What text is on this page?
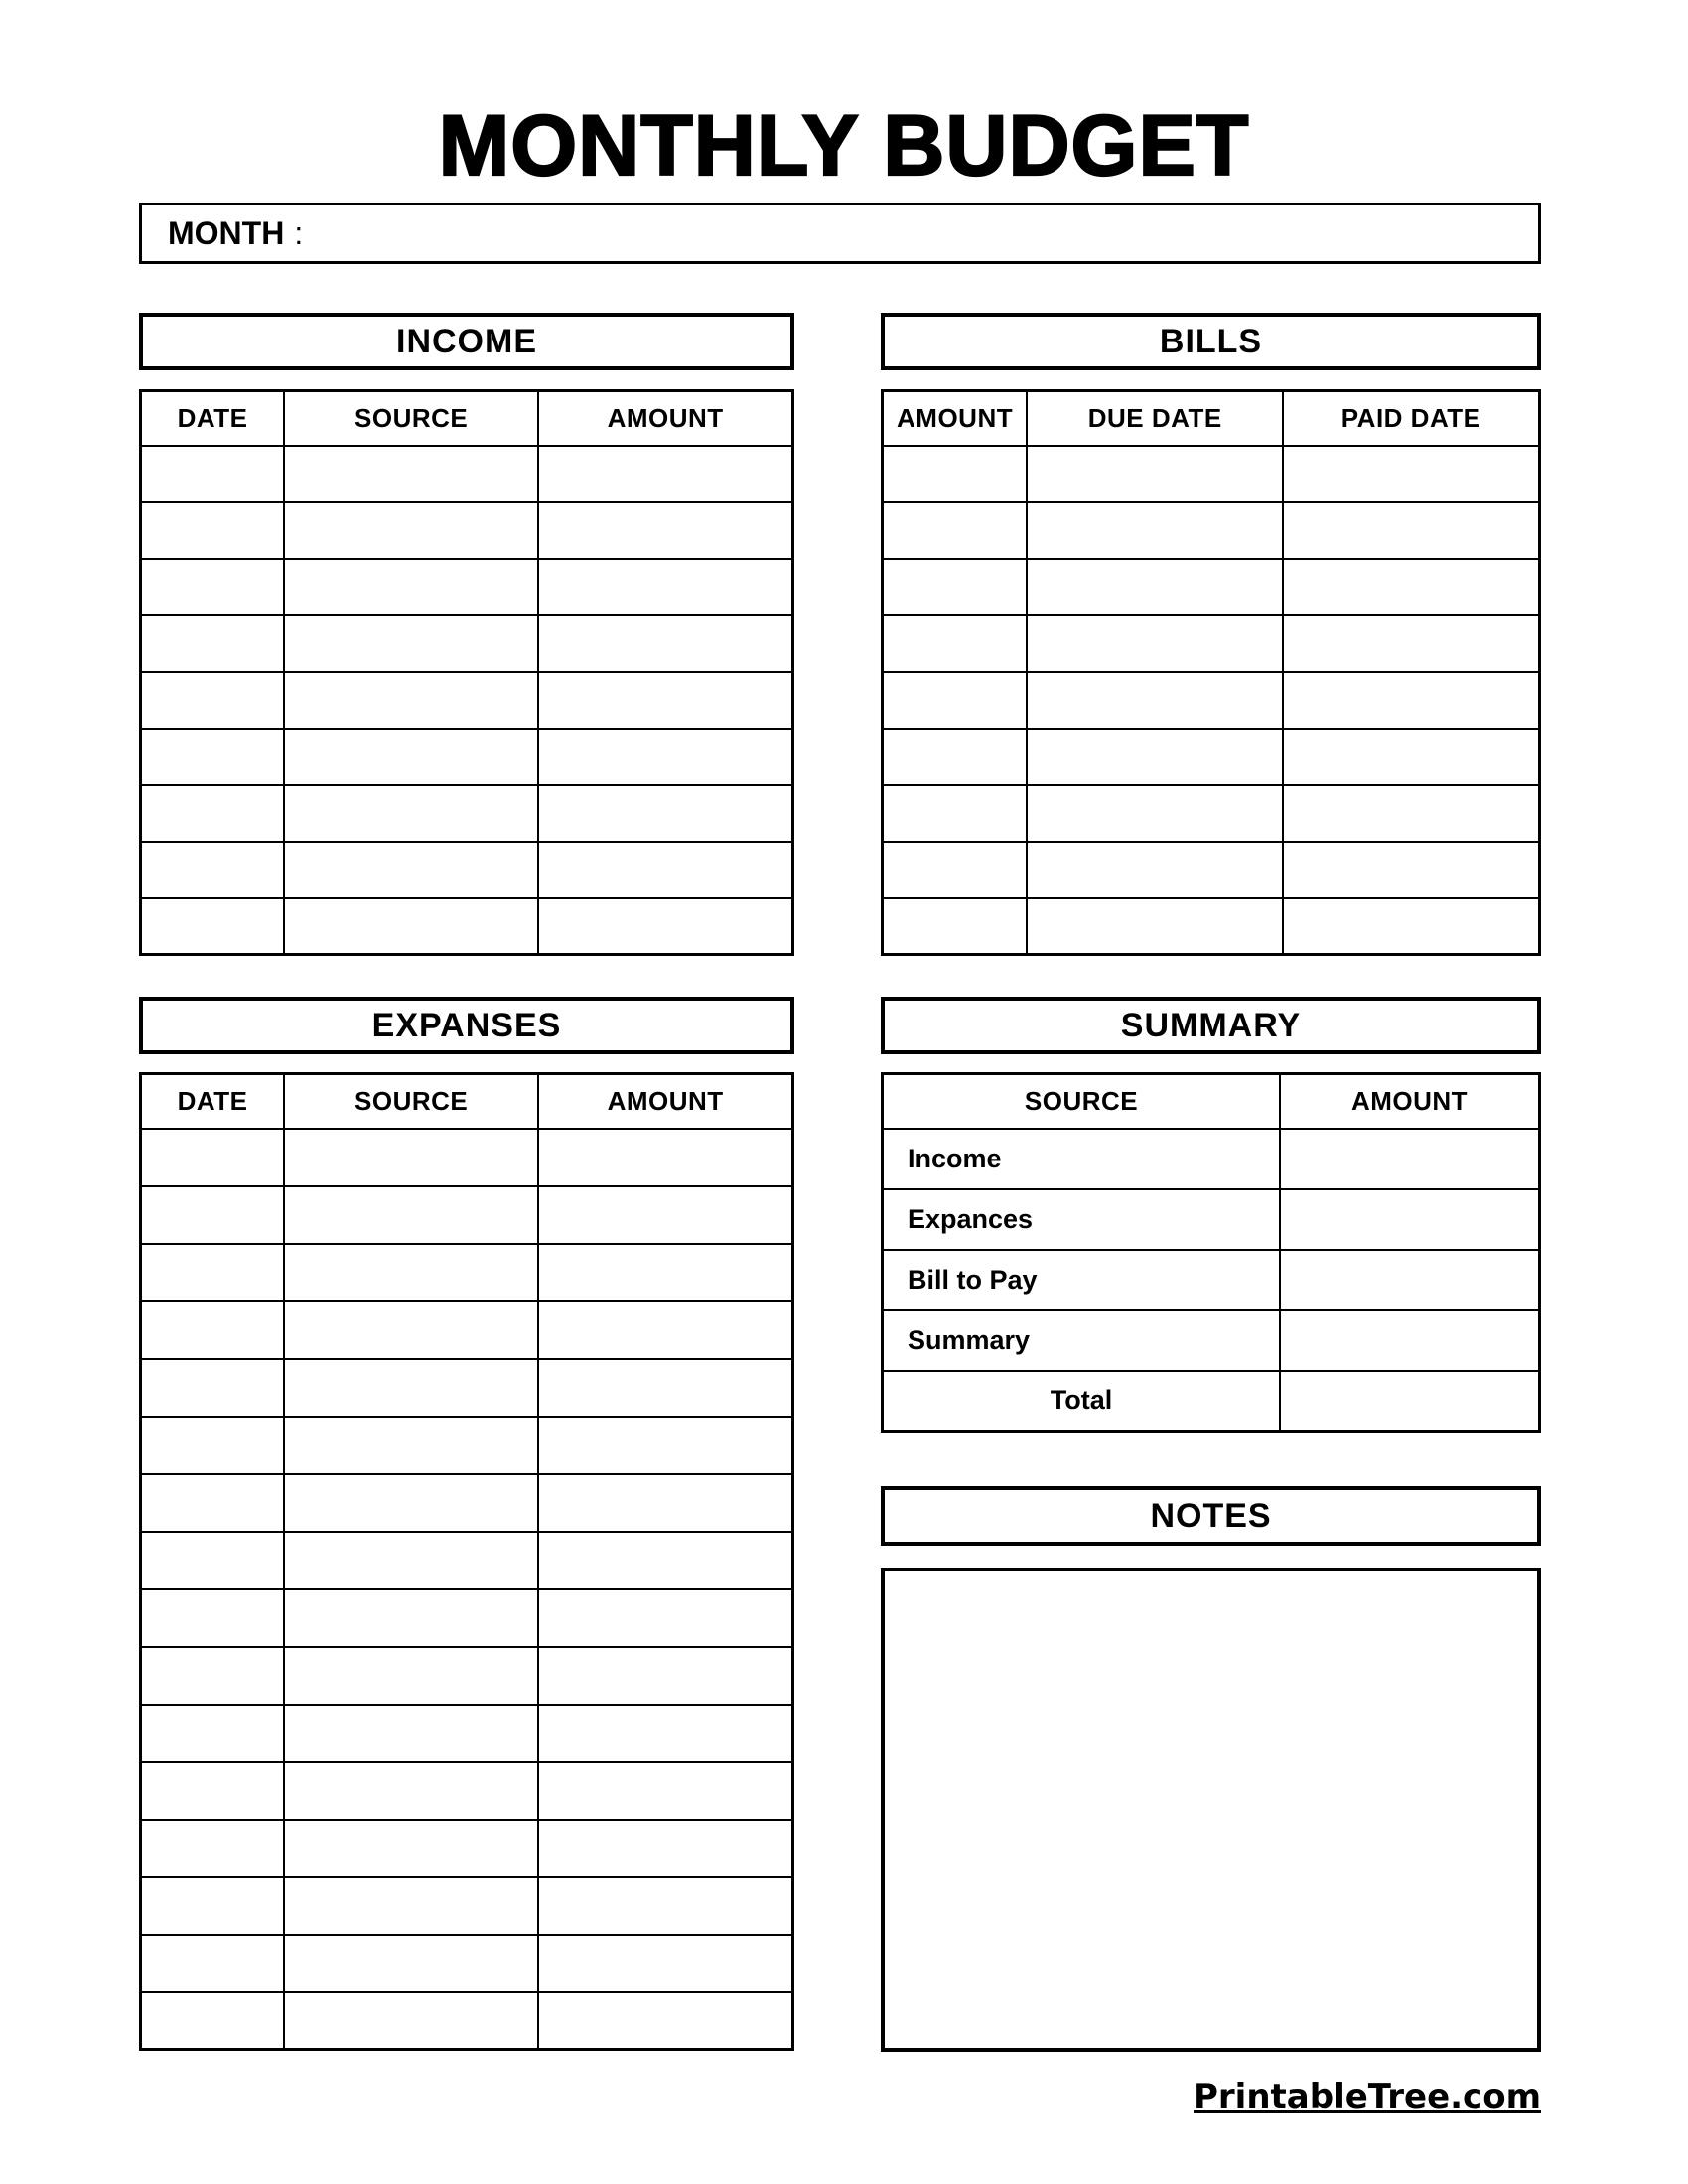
MONTHLY BUDGET
MONTH :
INCOME
DATE	SOURCE	AMOUNT

BILLS
AMOUNT	DUE DATE	PAID DATE

EXPANSES
DATE	SOURCE	AMOUNT

SUMMARY
SOURCE	AMOUNT
Income	
Expances	
Bill to Pay	
Summary	
Total	
NOTES
PrintableTree.com
